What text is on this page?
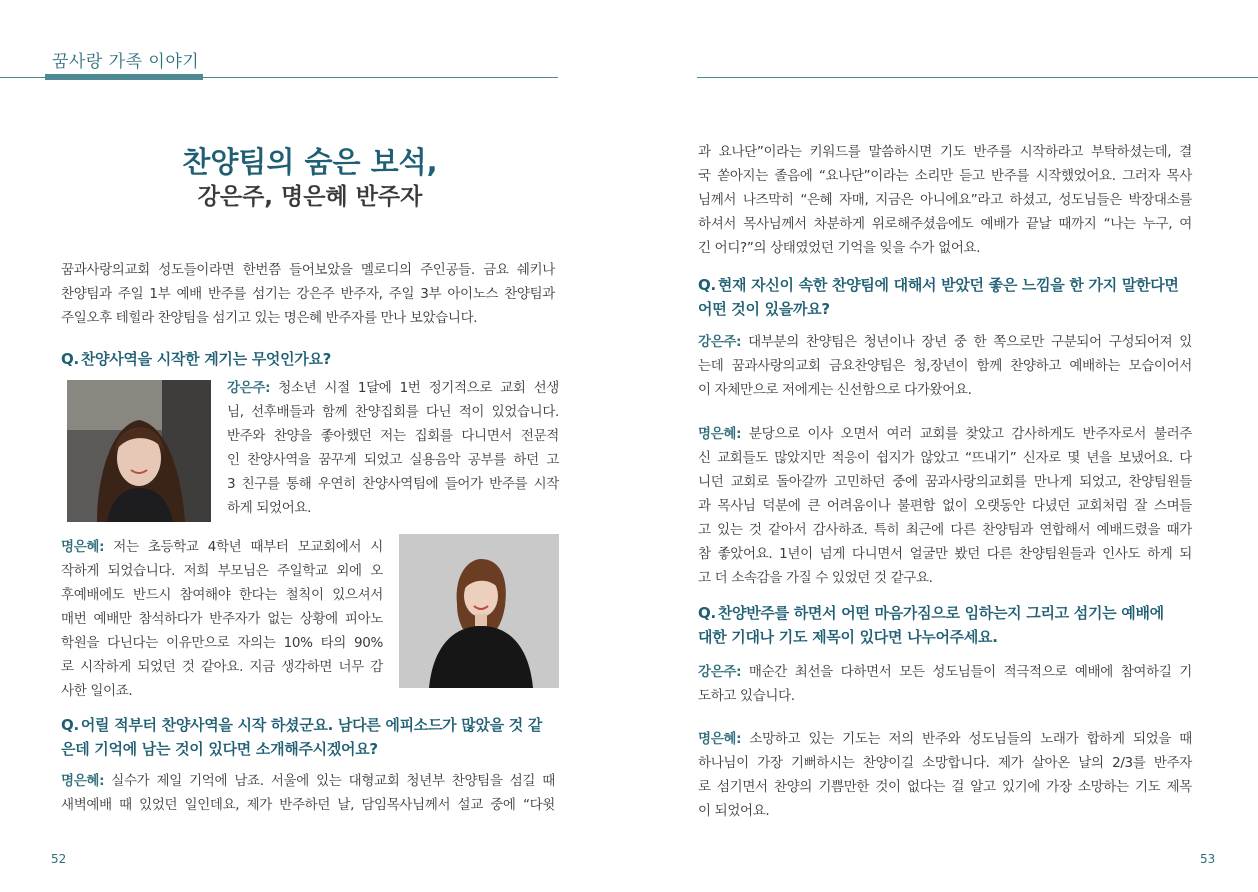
꿈사랑 가족 이야기
찬양팀의 숨은 보석,
강은주, 명은혜 반주자
꿈과사랑의교회 성도들이라면 한번쯤 들어보았을 멜로디의 주인공들. 금요 쉐키나
찬양팀과 주일 1부 예배 반주를 섬기는 강은주 반주자, 주일 3부 아이노스 찬양팀과
주일오후 테힐라 찬양팀을 섬기고 있는 명은혜 반주자를 만나 보았습니다.
Q. 찬양사역을 시작한 계기는 무엇인가요?
강은주: 청소년 시절 1달에 1번 정기적으로 교회 선생
님, 선후배들과 함께 찬양집회를 다닌 적이 있었습니다.
반주와 찬양을 좋아했던 저는 집회를 다니면서 전문적
인 찬양사역을 꿈꾸게 되었고 실용음악 공부를 하던 고
3 친구를 통해 우연히 찬양사역팀에 들어가 반주를 시작
하게 되었어요.
명은혜: 저는 초등학교 4학년 때부터 모교회에서 시
작하게 되었습니다. 저희 부모님은 주일학교 외에 오
후예배에도 반드시 참여해야 한다는 철칙이 있으셔서
매번 예배만 참석하다가 반주자가 없는 상황에 피아노
학원을 다닌다는 이유만으로 자의는 10% 타의 90%
로 시작하게 되었던 것 같아요. 지금 생각하면 너무 감
사한 일이죠.
Q. 어릴 적부터 찬양사역을 시작 하셨군요. 남다른 에피소드가 많았을 것 같
은데 기억에 남는 것이 있다면 소개해주시겠어요?
명은혜: 실수가 제일 기억에 남죠. 서울에 있는 대형교회 청년부 찬양팀을 섬길 때
새벽예배 때 있었던 일인데요, 제가 반주하던 날, 담임목사님께서 설교 중에 “다윗
과 요나단”이라는 키워드를 말씀하시면 기도 반주를 시작하라고 부탁하셨는데, 결
국 쏟아지는 졸음에 “요나단”이라는 소리만 듣고 반주를 시작했었어요. 그러자 목사
님께서 나즈막히 “은혜 자매, 지금은 아니에요”라고 하셨고, 성도님들은 박장대소를
하셔서 목사님께서 차분하게 위로해주셨음에도 예배가 끝날 때까지 “나는 누구, 여
긴 어디?”의 상태였었던 기억을 잊을 수가 없어요.
Q. 현재 자신이 속한 찬양팀에 대해서 받았던 좋은 느낌을 한 가지 말한다면
어떤 것이 있을까요?
강은주: 대부분의 찬양팀은 청년이나 장년 중 한 쪽으로만 구분되어 구성되어져 있
는데 꿈과사랑의교회 금요찬양팀은 청,장년이 함께 찬양하고 예배하는 모습이어서
이 자체만으로 저에게는 신선함으로 다가왔어요.
명은혜: 분당으로 이사 오면서 여러 교회를 찾았고 감사하게도 반주자로서 불러주
신 교회들도 많았지만 적응이 쉽지가 않았고 “뜨내기” 신자로 몇 년을 보냈어요. 다
니던 교회로 돌아갈까 고민하던 중에 꿈과사랑의교회를 만나게 되었고, 찬양팀원들
과 목사님 덕분에 큰 어려움이나 불편함 없이 오랫동안 다녔던 교회처럼 잘 스며들
고 있는 것 같아서 감사하죠. 특히 최근에 다른 찬양팀과 연합해서 예배드렸을 때가
참 좋았어요. 1년이 넘게 다니면서 얼굴만 봤던 다른 찬양팀원들과 인사도 하게 되
고 더 소속감을 가질 수 있었던 것 같구요.
Q. 찬양반주를 하면서 어떤 마음가짐으로 임하는지 그리고 섬기는 예배에
대한 기대나 기도 제목이 있다면 나누어주세요.
강은주: 매순간 최선을 다하면서 모든 성도님들이 적극적으로 예배에 참여하길 기
도하고 있습니다.
명은혜: 소망하고 있는 기도는 저의 반주와 성도님들의 노래가 합하게 되었을 때
하나님이 가장 기뻐하시는 찬양이길 소망합니다. 제가 살아온 날의 2/3를 반주자
로 섬기면서 찬양의 기쁨만한 것이 없다는 걸 알고 있기에 가장 소망하는 기도 제목
이 되었어요.
52	53
